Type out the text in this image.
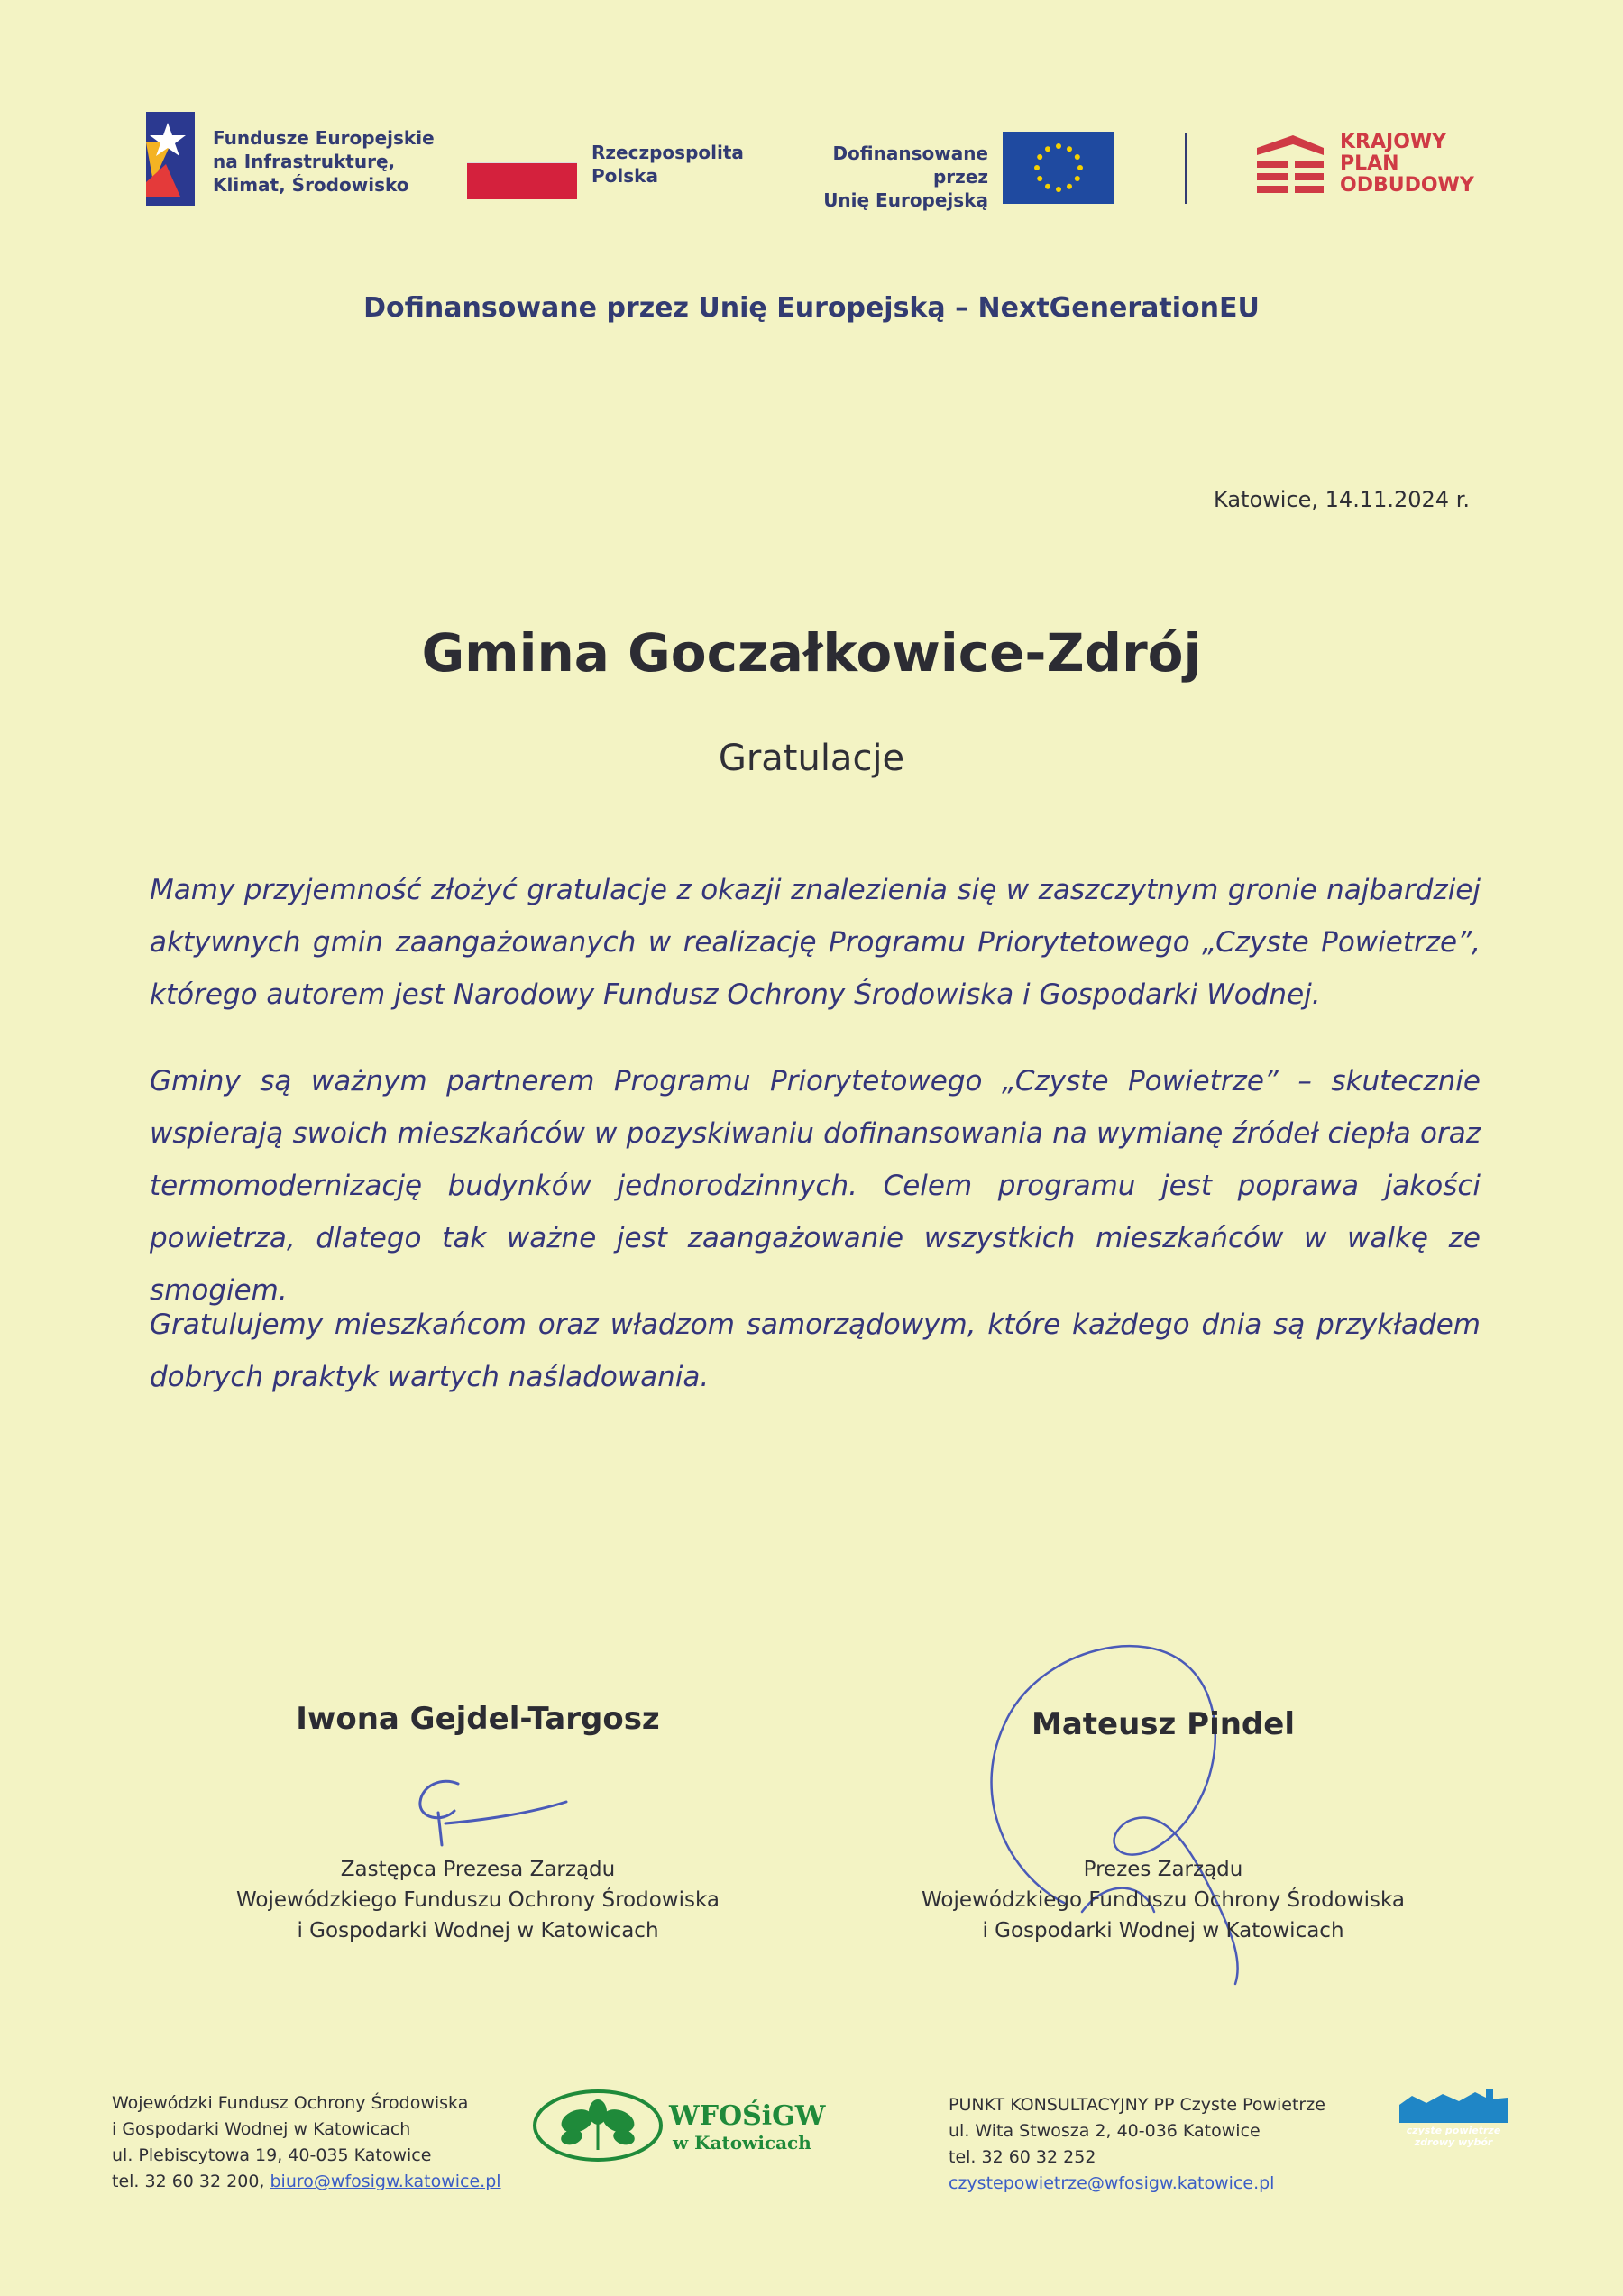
Fundusze Europejskie
na Infrastrukturę,
Klimat, Środowisko
Rzeczpospolita
Polska
Dofinansowane przez
Unię Europejską
KRAJOWY
PLAN
ODBUDOWY
Dofinansowane przez Unię Europejską – NextGenerationEU
Katowice, 14.11.2024 r.
Gmina Goczałkowice-Zdrój
Gratulacje
Mamy przyjemność złożyć gratulacje z okazji znalezienia się w zaszczytnym gronie najbardziej aktywnych gmin zaangażowanych w realizację Programu Priorytetowego „Czyste Powietrze”, którego autorem jest Narodowy Fundusz Ochrony Środowiska i Gospodarki Wodnej.
Gminy są ważnym partnerem Programu Priorytetowego „Czyste Powietrze” – skutecznie wspierają swoich mieszkańców w pozyskiwaniu dofinansowania na wymianę źródeł ciepła oraz termomodernizację budynków jednorodzinnych. Celem programu jest poprawa jakości powietrza, dlatego tak ważne jest zaangażowanie wszystkich mieszkańców w walkę ze smogiem.
Gratulujemy mieszkańcom oraz władzom samorządowym, które każdego dnia są przykładem dobrych praktyk wartych naśladowania.
Iwona Gejdel-Targosz
Zastępca Prezesa Zarządu
Wojewódzkiego Funduszu Ochrony Środowiska
i Gospodarki Wodnej w Katowicach
Mateusz Pindel
Prezes Zarządu
Wojewódzkiego Funduszu Ochrony Środowiska
i Gospodarki Wodnej w Katowicach
Wojewódzki Fundusz Ochrony Środowiska
i Gospodarki Wodnej w Katowicach
ul. Plebiscytowa 19, 40-035 Katowice
tel. 32 60 32 200, biuro@wfosigw.katowice.pl
WFOŚiGW
w Katowicach
PUNKT KONSULTACYJNY PP Czyste Powietrze
ul. Wita Stwosza 2, 40-036 Katowice
tel. 32 60 32 252
czystepowietrze@wfosigw.katowice.pl
czyste powietrze
zdrowy wybór
